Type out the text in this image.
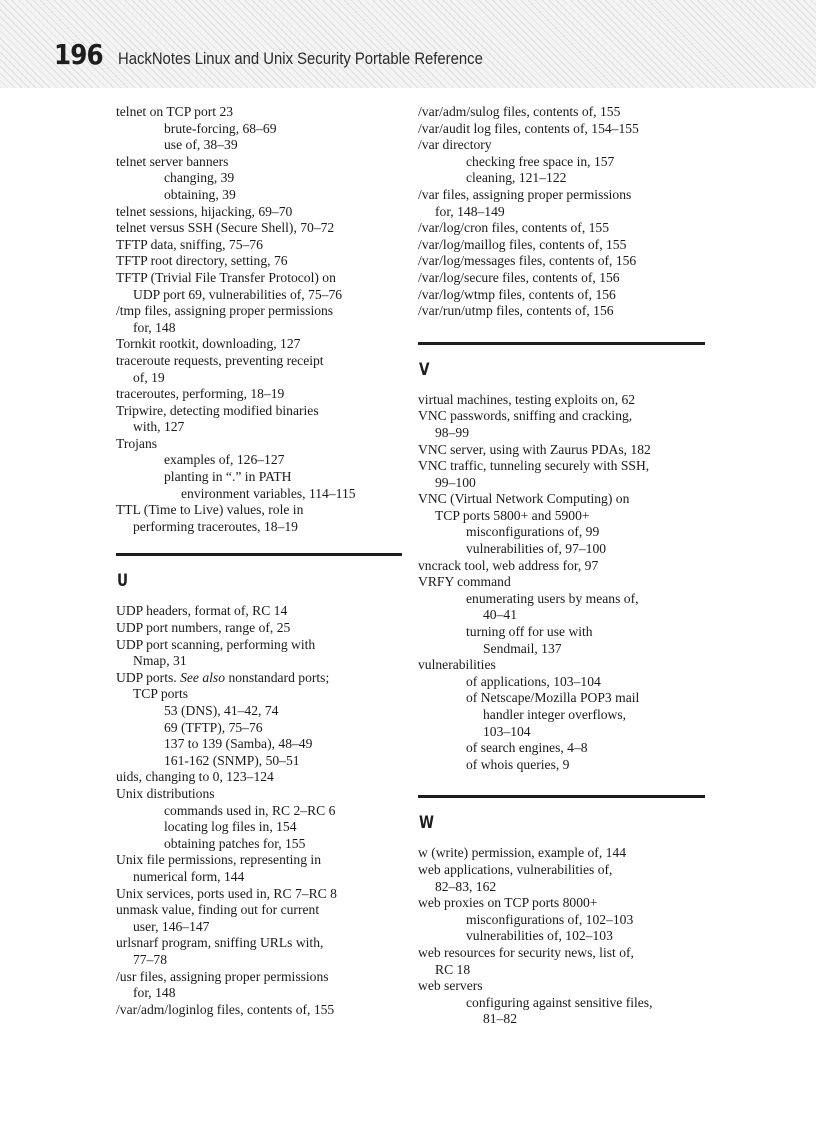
196 HackNotes Linux and Unix Security Portable Reference
telnet on TCP port 23
brute-forcing, 68–69
use of, 38–39
telnet server banners
changing, 39
obtaining, 39
telnet sessions, hijacking, 69–70
telnet versus SSH (Secure Shell), 70–72
TFTP data, sniffing, 75–76
TFTP root directory, setting, 76
TFTP (Trivial File Transfer Protocol) on
UDP port 69, vulnerabilities of, 75–76
/tmp files, assigning proper permissions
for, 148
Tornkit rootkit, downloading, 127
traceroute requests, preventing receipt
of, 19
traceroutes, performing, 18–19
Tripwire, detecting modified binaries
with, 127
Trojans
examples of, 126–127
planting in “.” in PATH
environment variables, 114–115
TTL (Time to Live) values, role in
performing traceroutes, 18–19
U
UDP headers, format of, RC 14
UDP port numbers, range of, 25
UDP port scanning, performing with
Nmap, 31
UDP ports. See also nonstandard ports;
TCP ports
53 (DNS), 41–42, 74
69 (TFTP), 75–76
137 to 139 (Samba), 48–49
161-162 (SNMP), 50–51
uids, changing to 0, 123–124
Unix distributions
commands used in, RC 2–RC 6
locating log files in, 154
obtaining patches for, 155
Unix file permissions, representing in
numerical form, 144
Unix services, ports used in, RC 7–RC 8
unmask value, finding out for current
user, 146–147
urlsnarf program, sniffing URLs with,
77–78
/usr files, assigning proper permissions
for, 148
/var/adm/loginlog files, contents of, 155
/var/adm/sulog files, contents of, 155
/var/audit log files, contents of, 154–155
/var directory
checking free space in, 157
cleaning, 121–122
/var files, assigning proper permissions
for, 148–149
/var/log/cron files, contents of, 155
/var/log/maillog files, contents of, 155
/var/log/messages files, contents of, 156
/var/log/secure files, contents of, 156
/var/log/wtmp files, contents of, 156
/var/run/utmp files, contents of, 156
V
virtual machines, testing exploits on, 62
VNC passwords, sniffing and cracking,
98–99
VNC server, using with Zaurus PDAs, 182
VNC traffic, tunneling securely with SSH,
99–100
VNC (Virtual Network Computing) on
TCP ports 5800+ and 5900+
misconfigurations of, 99
vulnerabilities of, 97–100
vncrack tool, web address for, 97
VRFY command
enumerating users by means of,
40–41
turning off for use with
Sendmail, 137
vulnerabilities
of applications, 103–104
of Netscape/Mozilla POP3 mail
handler integer overflows,
103–104
of search engines, 4–8
of whois queries, 9
W
w (write) permission, example of, 144
web applications, vulnerabilities of,
82–83, 162
web proxies on TCP ports 8000+
misconfigurations of, 102–103
vulnerabilities of, 102–103
web resources for security news, list of,
RC 18
web servers
configuring against sensitive files,
81–82
